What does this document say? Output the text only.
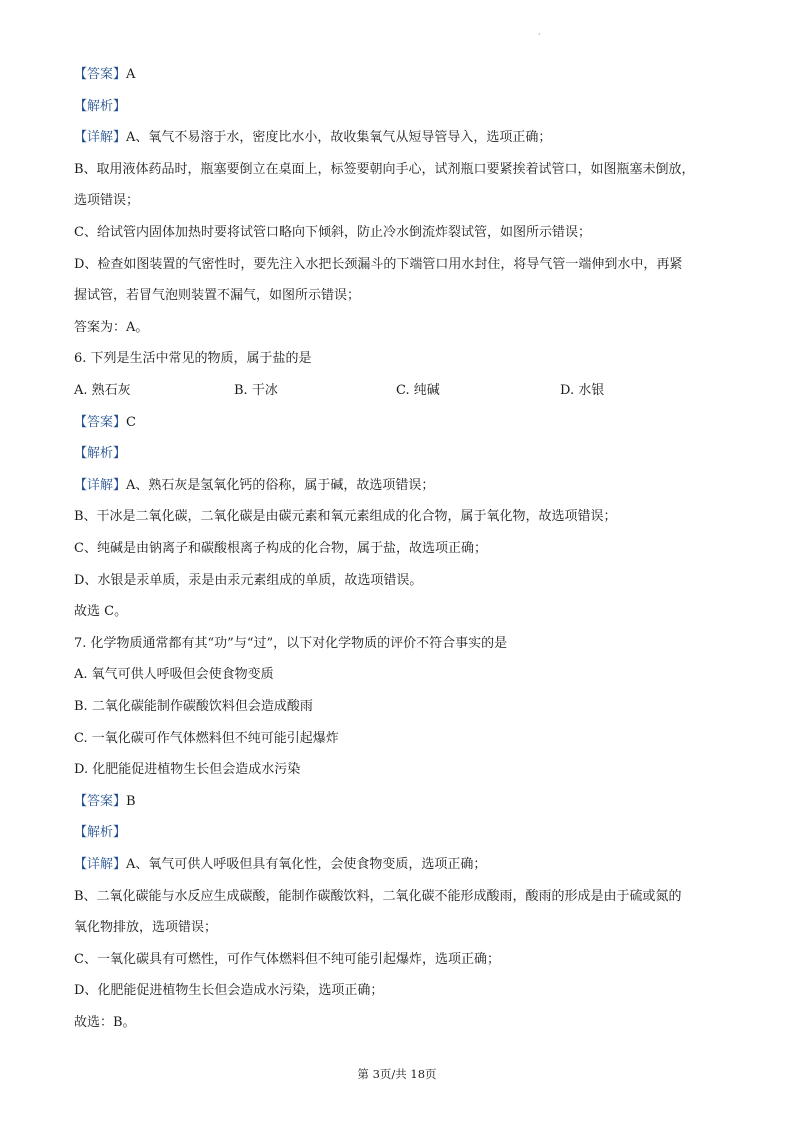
·
【答案】A
【解析】
【详解】A、氧气不易溶于水，密度比水小，故收集氧气从短导管导入，选项正确；
B、取用液体药品时，瓶塞要倒立在桌面上，标签要朝向手心，试剂瓶口要紧挨着试管口，如图瓶塞未倒放，
选项错误；
C、给试管内固体加热时要将试管口略向下倾斜，防止冷水倒流炸裂试管，如图所示错误；
D、检查如图装置的气密性时，要先注入水把长颈漏斗的下端管口用水封住，将导气管一端伸到水中，再紧
握试管，若冒气泡则装置不漏气，如图所示错误；
答案为：A。
6. 下列是生活中常见的物质，属于盐的是
A. 熟石灰	B. 干冰	C. 纯碱	D. 水银
【答案】C
【解析】
【详解】A、熟石灰是氢氧化钙的俗称，属于碱，故选项错误；
B、干冰是二氧化碳，二氧化碳是由碳元素和氧元素组成的化合物，属于氧化物，故选项错误；
C、纯碱是由钠离子和碳酸根离子构成的化合物，属于盐，故选项正确；
D、水银是汞单质，汞是由汞元素组成的单质，故选项错误。
故选 C。
7. 化学物质通常都有其“功”与“过”，以下对化学物质的评价不符合事实的是
A. 氧气可供人呼吸但会使食物变质
B. 二氧化碳能制作碳酸饮料但会造成酸雨
C. 一氧化碳可作气体燃料但不纯可能引起爆炸
D. 化肥能促进植物生长但会造成水污染
【答案】B
【解析】
【详解】A、氧气可供人呼吸但具有氧化性，会使食物变质，选项正确；
B、二氧化碳能与水反应生成碳酸，能制作碳酸饮料，二氧化碳不能形成酸雨，酸雨的形成是由于硫或氮的
氧化物排放，选项错误；
C、一氧化碳具有可燃性，可作气体燃料但不纯可能引起爆炸，选项正确；
D、化肥能促进植物生长但会造成水污染，选项正确；
故选：B。
第 3页/共 18页
